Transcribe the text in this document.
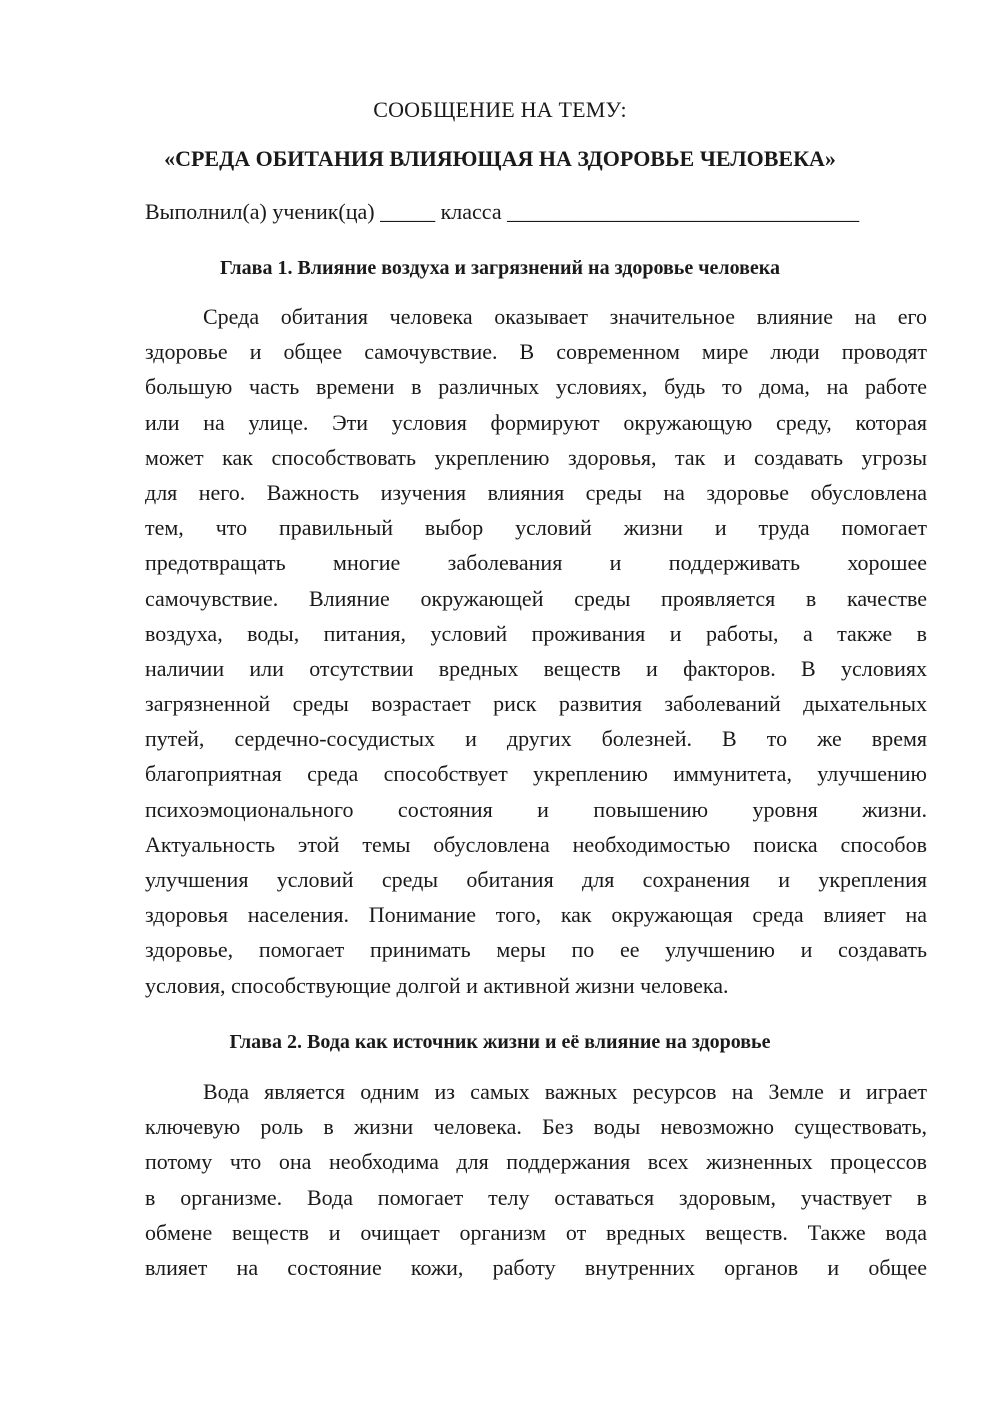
СООБЩЕНИЕ НА ТЕМУ:
«СРЕДА ОБИТАНИЯ ВЛИЯЮЩАЯ НА ЗДОРОВЬЕ ЧЕЛОВЕКА»
Выполнил(а) ученик(ца) _____ класса ________________________________
Глава 1. Влияние воздуха и загрязнений на здоровье человека
Среда обитания человека оказывает значительное влияние на его
здоровье и общее самочувствие. В современном мире люди проводят
большую часть времени в различных условиях, будь то дома, на работе
или на улице. Эти условия формируют окружающую среду, которая
может как способствовать укреплению здоровья, так и создавать угрозы
для него. Важность изучения влияния среды на здоровье обусловлена
тем, что правильный выбор условий жизни и труда помогает
предотвращать многие заболевания и поддерживать хорошее
самочувствие. Влияние окружающей среды проявляется в качестве
воздуха, воды, питания, условий проживания и работы, а также в
наличии или отсутствии вредных веществ и факторов. В условиях
загрязненной среды возрастает риск развития заболеваний дыхательных
путей, сердечно-сосудистых и других болезней. В то же время
благоприятная среда способствует укреплению иммунитета, улучшению
психоэмоционального состояния и повышению уровня жизни.
Актуальность этой темы обусловлена необходимостью поиска способов
улучшения условий среды обитания для сохранения и укрепления
здоровья населения. Понимание того, как окружающая среда влияет на
здоровье, помогает принимать меры по ее улучшению и создавать
условия, способствующие долгой и активной жизни человека.
Глава 2. Вода как источник жизни и её влияние на здоровье
Вода является одним из самых важных ресурсов на Земле и играет
ключевую роль в жизни человека. Без воды невозможно существовать,
потому что она необходима для поддержания всех жизненных процессов
в организме. Вода помогает телу оставаться здоровым, участвует в
обмене веществ и очищает организм от вредных веществ. Также вода
влияет на состояние кожи, работу внутренних органов и общее
